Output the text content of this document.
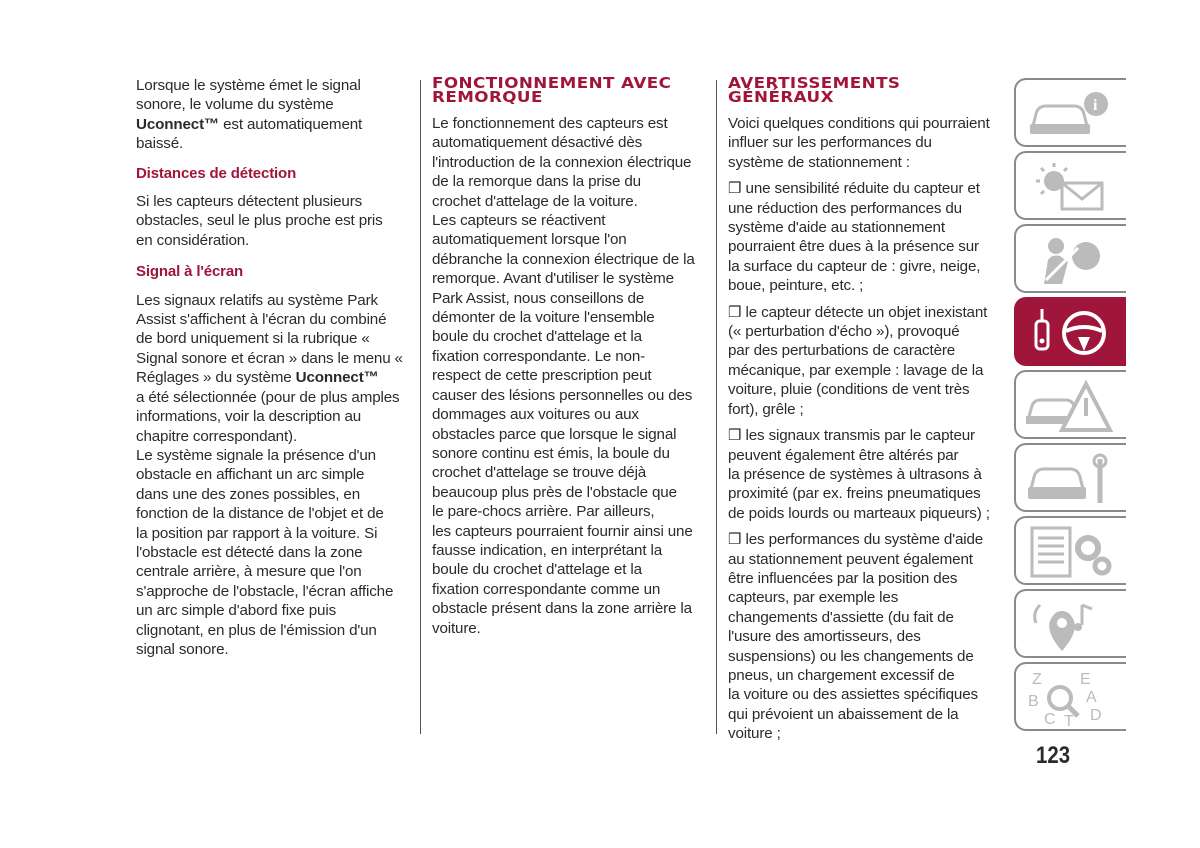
Lorsque le système émet le signal
sonore, le volume du système
Uconnect™ est automatiquement
baissé.
Distances de détection
Si les capteurs détectent plusieurs
obstacles, seul le plus proche est pris
en considération.
Signal à l'écran
Les signaux relatifs au système Park
Assist s'affichent à l'écran du combiné
de bord uniquement si la rubrique «
Signal sonore et écran » dans le menu «
Réglages » du système Uconnect™
a été sélectionnée (pour de plus amples
informations, voir la description au
chapitre correspondant).
Le système signale la présence d'un
obstacle en affichant un arc simple
dans une des zones possibles, en
fonction de la distance de l'objet et de
la position par rapport à la voiture. Si
l'obstacle est détecté dans la zone
centrale arrière, à mesure que l'on
s'approche de l'obstacle, l'écran affiche
un arc simple d'abord fixe puis
clignotant, en plus de l'émission d'un
signal sonore.
FONCTIONNEMENT AVEC
REMORQUE
Le fonctionnement des capteurs est
automatiquement désactivé dès
l'introduction de la connexion électrique
de la remorque dans la prise du
crochet d'attelage de la voiture.
Les capteurs se réactivent
automatiquement lorsque l'on
débranche la connexion électrique de la
remorque. Avant d'utiliser le système
Park Assist, nous conseillons de
démonter de la voiture l'ensemble
boule du crochet d'attelage et la
fixation correspondante. Le non-
respect de cette prescription peut
causer des lésions personnelles ou des
dommages aux voitures ou aux
obstacles parce que lorsque le signal
sonore continu est émis, la boule du
crochet d'attelage se trouve déjà
beaucoup plus près de l'obstacle que
le pare-chocs arrière. Par ailleurs,
les capteurs pourraient fournir ainsi une
fausse indication, en interprétant la
boule du crochet d'attelage et la
fixation correspondante comme un
obstacle présent dans la zone arrière la
voiture.
AVERTISSEMENTS
GÉNÉRAUX
Voici quelques conditions qui pourraient
influer sur les performances du
système de stationnement :
❒ une sensibilité réduite du capteur et
une réduction des performances du
système d'aide au stationnement
pourraient être dues à la présence sur
la surface du capteur de : givre, neige,
boue, peinture, etc. ;
❒ le capteur détecte un objet inexistant
(« perturbation d'écho »), provoqué
par des perturbations de caractère
mécanique, par exemple : lavage de la
voiture, pluie (conditions de vent très
fort), grêle ;
❒ les signaux transmis par le capteur
peuvent également être altérés par
la présence de systèmes à ultrasons à
proximité (par ex. freins pneumatiques
de poids lourds ou marteaux piqueurs) ;
❒ les performances du système d'aide
au stationnement peuvent également
être influencées par la position des
capteurs, par exemple les
changements d'assiette (du fait de
l'usure des amortisseurs, des
suspensions) ou les changements de
pneus, un chargement excessif de
la voiture ou des assiettes spécifiques
qui prévoient un abaissement de la
voiture ;
i
Z E
A
B
C T D
123
